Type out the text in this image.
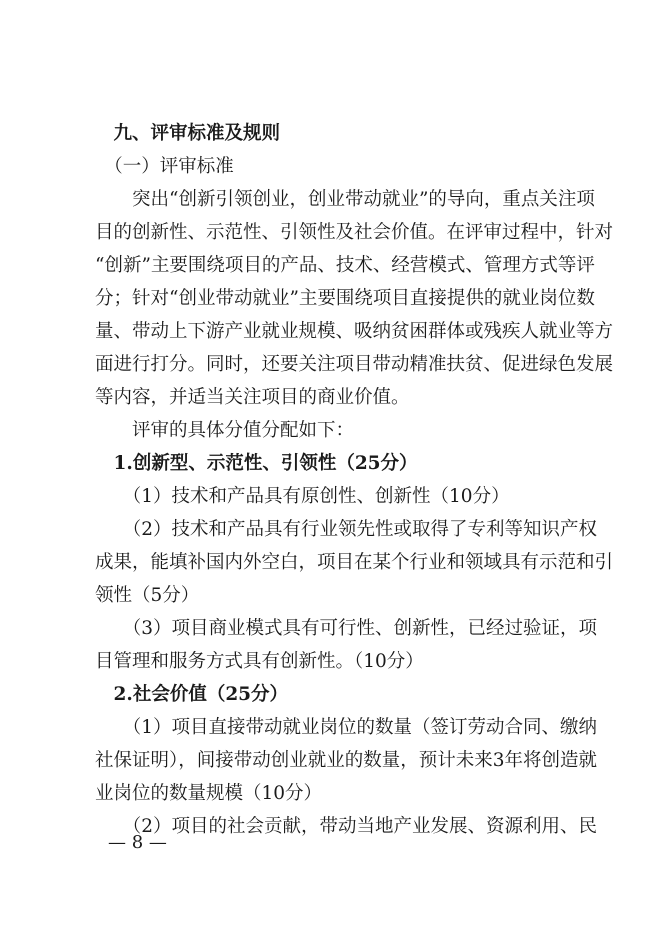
　九、评审标准及规则
　（一）评审标准
　　突出“创新引领创业，创业带动就业”的导向，重点关注项
目的创新性、示范性、引领性及社会价值。在评审过程中，针对
“创新”主要围绕项目的产品、技术、经营模式、管理方式等评
分；针对“创业带动就业”主要围绕项目直接提供的就业岗位数
量、带动上下游产业就业规模、吸纳贫困群体或残疾人就业等方
面进行打分。同时，还要关注项目带动精准扶贫、促进绿色发展
等内容，并适当关注项目的商业价值。
　　评审的具体分值分配如下：
　1.创新型、示范性、引领性（25分）
　　（1）技术和产品具有原创性、创新性（10分）
　　（2）技术和产品具有行业领先性或取得了专利等知识产权
成果，能填补国内外空白，项目在某个行业和领域具有示范和引
领性（5分）
　　（3）项目商业模式具有可行性、创新性，已经过验证，项
目管理和服务方式具有创新性。（10分）
　2.社会价值（25分）
　　（1）项目直接带动就业岗位的数量（签订劳动合同、缴纳
社保证明），间接带动创业就业的数量，预计未来3年将创造就
业岗位的数量规模（10分）
　　（2）项目的社会贡献，带动当地产业发展、资源利用、民
— 8 —
